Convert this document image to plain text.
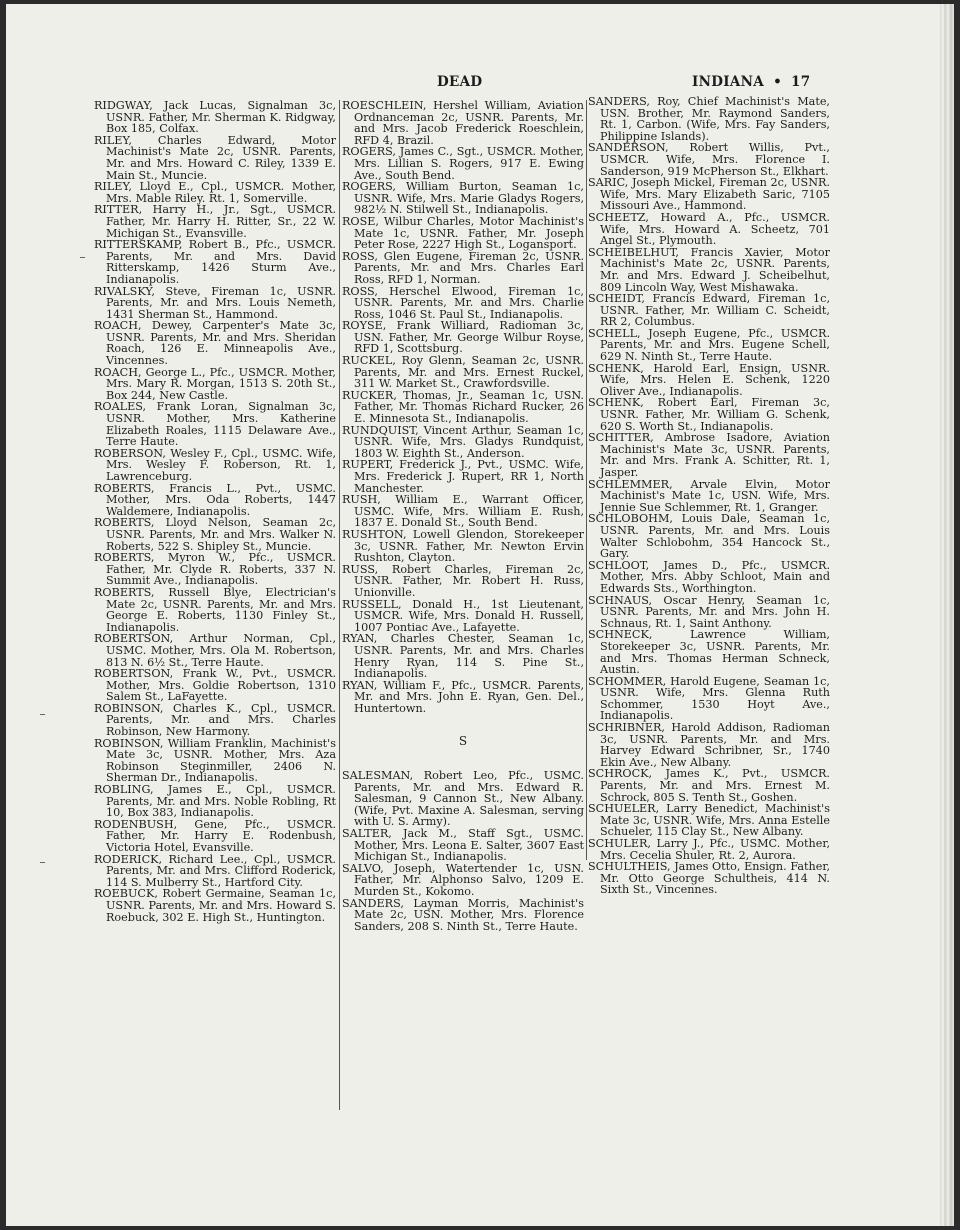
DEAD	INDIANA • 17

RIDGWAY, Jack Lucas, Signalman 3c, USNR. Father, Mr. Sherman K. Ridgway, Box 185, Colfax.

RILEY, Charles Edward, Motor Machinist's Mate 2c, USNR. Parents, Mr. and Mrs. Howard C. Riley, 1339 E. Main St., Muncie.

RILEY, Lloyd E., Cpl., USMCR. Mother, Mrs. Mable Riley. Rt. 1, Somerville.

RITTER, Harry H., Jr., Sgt., USMCR. Father, Mr. Harry H. Ritter, Sr., 22 W. Michigan St., Evansville.

RITTERSKAMP, Robert B., Pfc., USMCR. Parents, Mr. and Mrs. David Ritterskamp, 1426 Sturm Ave., Indianapolis.

RIVALSKY, Steve, Fireman 1c, USNR. Parents, Mr. and Mrs. Louis Nemeth, 1431 Sherman St., Hammond.

ROACH, Dewey, Carpenter's Mate 3c, USNR. Parents, Mr. and Mrs. Sheridan Roach, 126 E. Minneapolis Ave., Vincennes.

ROACH, George L., Pfc., USMCR. Mother, Mrs. Mary R. Morgan, 1513 S. 20th St., Box 244, New Castle.

ROALES, Frank Loran, Signalman 3c, USNR. Mother, Mrs. Katherine Elizabeth Roales, 1115 Delaware Ave., Terre Haute.

ROBERSON, Wesley F., Cpl., USMC. Wife, Mrs. Wesley F. Roberson, Rt. 1, Lawrenceburg.

ROBERTS, Francis L., Pvt., USMC. Mother, Mrs. Oda Roberts, 1447 Waldemere, Indianapolis.

ROBERTS, Lloyd Nelson, Seaman 2c, USNR. Parents, Mr. and Mrs. Walker N. Roberts, 522 S. Shipley St., Muncie.

ROBERTS, Myron W., Pfc., USMCR. Father, Mr. Clyde R. Roberts, 337 N. Summit Ave., Indianapolis.

ROBERTS, Russell Blye, Electrician's Mate 2c, USNR. Parents, Mr. and Mrs. George E. Roberts, 1130 Finley St., Indianapolis.

ROBERTSON, Arthur Norman, Cpl., USMC. Mother, Mrs. Ola M. Robertson, 813 N. 6½ St., Terre Haute.

ROBERTSON, Frank W., Pvt., USMCR. Mother, Mrs. Goldie Robertson, 1310 Salem St., LaFayette.

ROBINSON, Charles K., Cpl., USMCR. Parents, Mr. and Mrs. Charles Robinson, New Harmony.

ROBINSON, William Franklin, Machinist's Mate 3c, USNR. Mother, Mrs. Aza Robinson Steginmiller, 2406 N. Sherman Dr., Indianapolis.

ROBLING, James E., Cpl., USMCR. Parents, Mr. and Mrs. Noble Robling, Rt 10, Box 383, Indianapolis.

RODENBUSH, Gene, Pfc., USMCR. Father, Mr. Harry E. Rodenbush, Victoria Hotel, Evansville.

RODERICK, Richard Lee., Cpl., USMCR. Parents, Mr. and Mrs. Clifford Roderick, 114 S. Mulberry St., Hartford City.

ROEBUCK, Robert Germaine, Seaman 1c, USNR. Parents, Mr. and Mrs. Howard S. Roebuck, 302 E. High St., Huntington.

ROESCHLEIN, Hershel William, Aviation Ordnanceman 2c, USNR. Parents, Mr. and Mrs. Jacob Frederick Roeschlein, RFD 4, Brazil.

ROGERS, James C., Sgt., USMCR. Mother, Mrs. Lillian S. Rogers, 917 E. Ewing Ave., South Bend.

ROGERS, William Burton, Seaman 1c, USNR. Wife, Mrs. Marie Gladys Rogers, 982½ N. Stilwell St., Indianapolis.

ROSE, Wilbur Charles, Motor Machinist's Mate 1c, USNR. Father, Mr. Joseph Peter Rose, 2227 High St., Logansport.

ROSS, Glen Eugene, Fireman 2c, USNR. Parents, Mr. and Mrs. Charles Earl Ross, RFD 1, Norman.

ROSS, Herschel Elwood, Fireman 1c, USNR. Parents, Mr. and Mrs. Charlie Ross, 1046 St. Paul St., Indianapolis.

ROYSE, Frank Williard, Radioman 3c, USN. Father, Mr. George Wilbur Royse, RFD 1, Scottsburg.

RUCKEL, Roy Glenn, Seaman 2c, USNR. Parents, Mr. and Mrs. Ernest Ruckel, 311 W. Market St., Crawfordsville.

RUCKER, Thomas, Jr., Seaman 1c, USN. Father, Mr. Thomas Richard Rucker, 26 E. Minnesota St., Indianapolis.

RUNDQUIST, Vincent Arthur, Seaman 1c, USNR. Wife, Mrs. Gladys Rundquist, 1803 W. Eighth St., Anderson.

RUPERT, Frederick J., Pvt., USMC. Wife, Mrs. Frederick J. Rupert, RR 1, North Manchester.

RUSH, William E., Warrant Officer, USMC. Wife, Mrs. William E. Rush, 1837 E. Donald St., South Bend.

RUSHTON, Lowell Glendon, Storekeeper 3c, USNR. Father, Mr. Newton Ervin Rushton, Clayton.

RUSS, Robert Charles, Fireman 2c, USNR. Father, Mr. Robert H. Russ, Unionville.

RUSSELL, Donald H., 1st Lieutenant, USMCR. Wife, Mrs. Donald H. Russell, 1007 Pontiac Ave., Lafayette.

RYAN, Charles Chester, Seaman 1c, USNR. Parents, Mr. and Mrs. Charles Henry Ryan, 114 S. Pine St., Indianapolis.

RYAN, William F., Pfc., USMCR. Parents, Mr. and Mrs. John E. Ryan, Gen. Del., Huntertown.

S

SALESMAN, Robert Leo, Pfc., USMC. Parents, Mr. and Mrs. Edward R. Salesman, 9 Cannon St., New Albany. (Wife, Pvt. Maxine A. Salesman, serving with U. S. Army).

SALTER, Jack M., Staff Sgt., USMC. Mother, Mrs. Leona E. Salter, 3607 East Michigan St., Indianapolis.

SALVO, Joseph, Watertender 1c, USN. Father, Mr. Alphonso Salvo, 1209 E. Murden St., Kokomo.

SANDERS, Layman Morris, Machinist's Mate 2c, USN. Mother, Mrs. Florence Sanders, 208 S. Ninth St., Terre Haute.

SANDERS, Roy, Chief Machinist's Mate, USN. Brother, Mr. Raymond Sanders, Rt. 1, Carbon. (Wife, Mrs. Fay Sanders, Philippine Islands).

SANDERSON, Robert Willis, Pvt., USMCR. Wife, Mrs. Florence I. Sanderson, 919 McPherson St., Elkhart.

SARIC, Joseph Mickel, Fireman 2c, USNR. Wife, Mrs. Mary Elizabeth Saric, 7105 Missouri Ave., Hammond.

SCHEETZ, Howard A., Pfc., USMCR. Wife, Mrs. Howard A. Scheetz, 701 Angel St., Plymouth.

SCHEIBELHUT, Francis Xavier, Motor Machinist's Mate 2c, USNR. Parents, Mr. and Mrs. Edward J. Scheibelhut, 809 Lincoln Way, West Mishawaka.

SCHEIDT, Francis Edward, Fireman 1c, USNR. Father, Mr. William C. Scheidt, RR 2, Columbus.

SCHELL, Joseph Eugene, Pfc., USMCR. Parents, Mr. and Mrs. Eugene Schell, 629 N. Ninth St., Terre Haute.

SCHENK, Harold Earl, Ensign, USNR. Wife, Mrs. Helen E. Schenk, 1220 Oliver Ave., Indianapolis.

SCHENK, Robert Earl, Fireman 3c, USNR. Father, Mr. William G. Schenk, 620 S. Worth St., Indianapolis.

SCHITTER, Ambrose Isadore, Aviation Machinist's Mate 3c, USNR. Parents, Mr. and Mrs. Frank A. Schitter, Rt. 1, Jasper.

SCHLEMMER, Arvale Elvin, Motor Machinist's Mate 1c, USN. Wife, Mrs. Jennie Sue Schlemmer, Rt. 1, Granger.

SCHLOBOHM, Louis Dale, Seaman 1c, USNR. Parents, Mr. and Mrs. Louis Walter Schlobohm, 354 Hancock St., Gary.

SCHLOOT, James D., Pfc., USMCR. Mother, Mrs. Abby Schloot, Main and Edwards Sts., Worthington.

SCHNAUS, Oscar Henry, Seaman 1c, USNR. Parents, Mr. and Mrs. John H. Schnaus, Rt. 1, Saint Anthony.

SCHNECK, Lawrence William, Storekeeper 3c, USNR. Parents, Mr. and Mrs. Thomas Herman Schneck, Austin.

SCHOMMER, Harold Eugene, Seaman 1c, USNR. Wife, Mrs. Glenna Ruth Schommer, 1530 Hoyt Ave., Indianapolis.

SCHRIBNER, Harold Addison, Radioman 3c, USNR. Parents, Mr. and Mrs. Harvey Edward Schribner, Sr., 1740 Ekin Ave., New Albany.

SCHROCK, James K., Pvt., USMCR. Parents, Mr. and Mrs. Ernest M. Schrock, 805 S. Tenth St., Goshen.

SCHUELER, Larry Benedict, Machinist's Mate 3c, USNR. Wife, Mrs. Anna Estelle Schueler, 115 Clay St., New Albany.

SCHULER, Larry J., Pfc., USMC. Mother, Mrs. Cecelia Shuler, Rt. 2, Aurora.

SCHULTHEIS, James Otto, Ensign. Father, Mr. Otto George Schultheis, 414 N. Sixth St., Vincennes.
